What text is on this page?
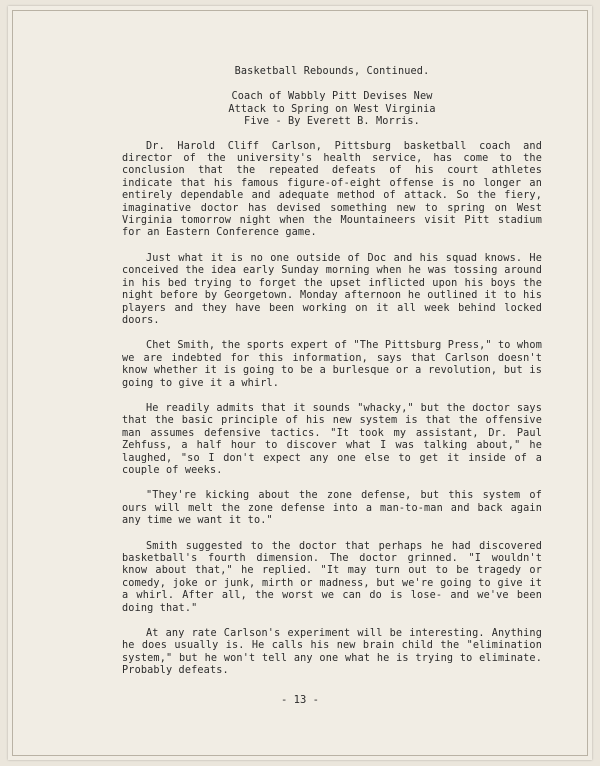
Basketball Rebounds, Continued.
Coach of Wabbly Pitt Devises New
Attack to Spring on West Virginia
Five - By Everett B. Morris.

Dr. Harold Cliff Carlson, Pittsburg basketball coach and director of the university's health service, has come to the conclusion that the repeated defeats of his court athletes indicate that his famous figure-of-eight offense is no longer an entirely dependable and adequate method of attack. So the fiery, imaginative doctor has devised something new to spring on West Virginia tomorrow night when the Mountaineers visit Pitt stadium for an Eastern Conference game.

Just what it is no one outside of Doc and his squad knows. He conceived the idea early Sunday morning when he was tossing around in his bed trying to forget the upset inflicted upon his boys the night before by Georgetown. Monday afternoon he outlined it to his players and they have been working on it all week behind locked doors.

Chet Smith, the sports expert of "The Pittsburg Press," to whom we are indebted for this information, says that Carlson doesn't know whether it is going to be a burlesque or a revolution, but is going to give it a whirl.

He readily admits that it sounds "whacky," but the doctor says that the basic principle of his new system is that the offensive man assumes defensive tactics. "It took my assistant, Dr. Paul Zehfuss, a half hour to discover what I was talking about," he laughed, "so I don't expect any one else to get it inside of a couple of weeks.

"They're kicking about the zone defense, but this system of ours will melt the zone defense into a man-to-man and back again any time we want it to."

Smith suggested to the doctor that perhaps he had discovered basketball's fourth dimension. The doctor grinned. "I wouldn't know about that," he replied. "It may turn out to be tragedy or comedy, joke or junk, mirth or madness, but we're going to give it a whirl. After all, the worst we can do is lose- and we've been doing that."

At any rate Carlson's experiment will be interesting. Anything he does usually is. He calls his new brain child the "elimination system," but he won't tell any one what he is trying to eliminate. Probably defeats.

- 13 -
